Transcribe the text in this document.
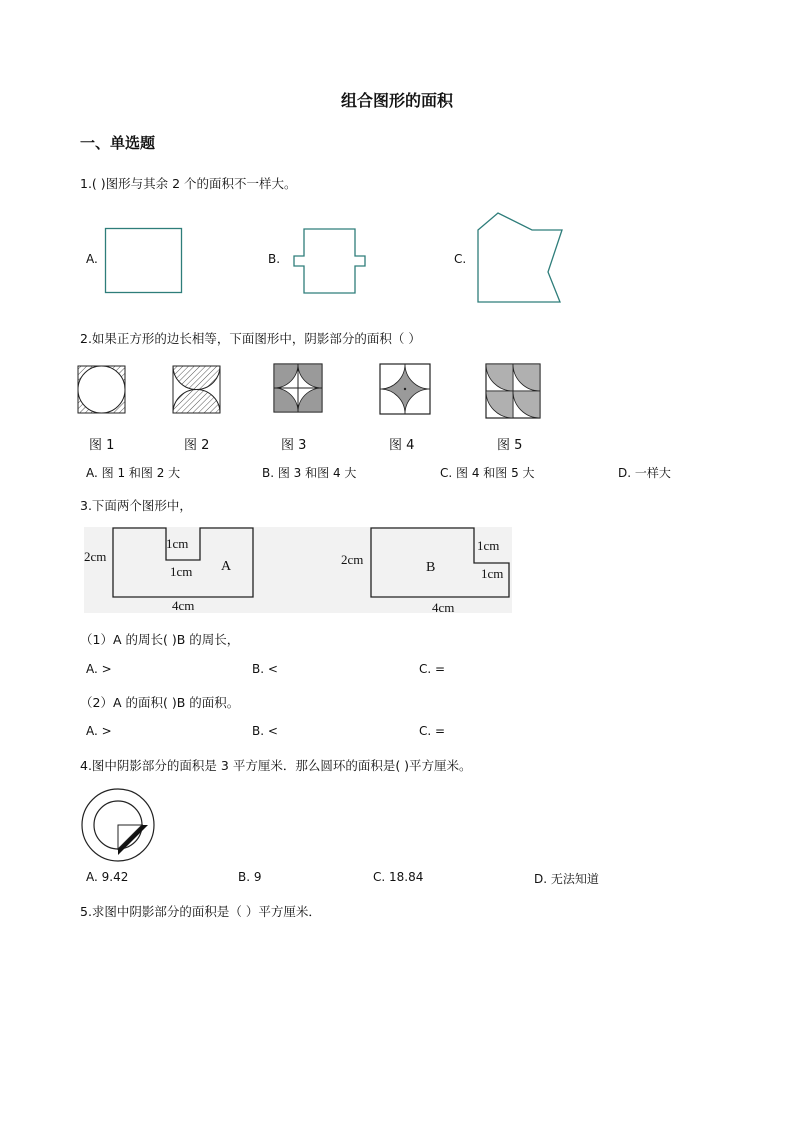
组合图形的面积
一、单选题
1.( )图形与其余 2 个的面积不一样大。
A.	B.	C.
2.如果正方形的边长相等，下面图形中，阴影部分的面积（ ）
图 1	图 2	图 3	图 4	图 5
A. 图 1 和图 2 大	B. 图 3 和图 4 大	C. 图 4 和图 5 大	D. 一样大
3.下面两个图形中，
2cm
1cm
1cm A
4cm
2cm
B
1cm
1cm
4cm
（1）A 的周长( )B 的周长，
A. >	B. <	C. =
（2）A 的面积( )B 的面积。
A. >	B. <	C. =
4.图中阴影部分的面积是 3 平方厘米．那么圆环的面积是( )平方厘米。
A. 9.42	B. 9	C. 18.84	D. 无法知道
5.求图中阴影部分的面积是（ ）平方厘米．
